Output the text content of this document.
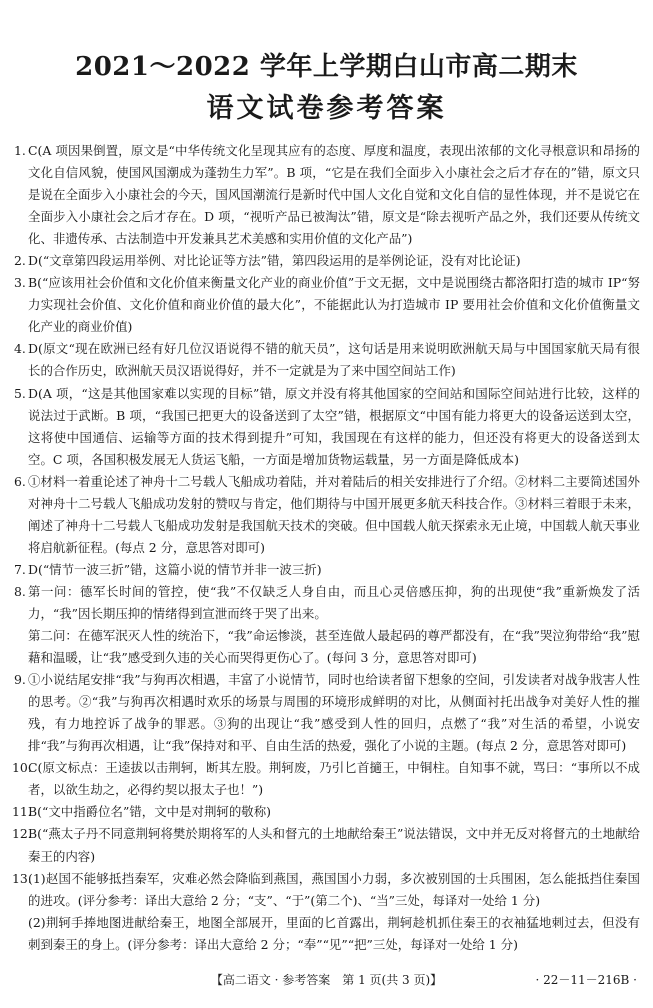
2021～2022 学年上学期白山市高二期末
语文试卷参考答案
1. C(A 项因果倒置，原文是“中华传统文化呈现其应有的态度、厚度和温度，表现出浓郁的文化寻根意识和昂扬的文化自信风貌，使国风国潮成为蓬勃生力军”。B 项，“它是在我们全面步入小康社会之后才存在的”错，原文只是说在全面步入小康社会的今天，国风国潮流行是新时代中国人文化自觉和文化自信的显性体现，并不是说它在全面步入小康社会之后才存在。D 项，“视听产品已被淘汰”错，原文是“除去视听产品之外，我们还要从传统文化、非遗传承、古法制造中开发兼具艺术美感和实用价值的文化产品”)

2. D(“文章第四段运用举例、对比论证等方法”错，第四段运用的是举例论证，没有对比论证)

3. B(“应该用社会价值和文化价值来衡量文化产业的商业价值”于文无据，文中是说围绕古都洛阳打造的城市 IP“努力实现社会价值、文化价值和商业价值的最大化”，不能据此认为打造城市 IP 要用社会价值和文化价值衡量文化产业的商业价值)

4. D(原文“现在欧洲已经有好几位汉语说得不错的航天员”，这句话是用来说明欧洲航天局与中国国家航天局有很长的合作历史，欧洲航天员汉语说得好，并不一定就是为了来中国空间站工作)

5. D(A 项，“这是其他国家难以实现的目标”错，原文并没有将其他国家的空间站和国际空间站进行比较，这样的说法过于武断。B 项，“我国已把更大的设备送到了太空”错，根据原文“中国有能力将更大的设备运送到太空，这将使中国通信、运输等方面的技术得到提升”可知，我国现在有这样的能力，但还没有将更大的设备送到太空。C 项，各国积极发展无人货运飞船，一方面是增加货物运载量，另一方面是降低成本)

6. ①材料一着重论述了神舟十二号载人飞船成功着陆，并对着陆后的相关安排进行了介绍。②材料二主要简述国外对神舟十二号载人飞船成功发射的赞叹与肯定，他们期待与中国开展更多航天科技合作。③材料三着眼于未来，阐述了神舟十二号载人飞船成功发射是我国航天技术的突破。但中国载人航天探索永无止境，中国载人航天事业将启航新征程。(每点 2 分，意思答对即可)

7. D(“情节一波三折”错，这篇小说的情节并非一波三折)

8. 第一问：德军长时间的管控，使“我”不仅缺乏人身自由，而且心灵倍感压抑，狗的出现使“我”重新焕发了活力，“我”因长期压抑的情绪得到宣泄而终于哭了出来。

第二问：在德军泯灭人性的统治下，“我”命运惨淡，甚至连做人最起码的尊严都没有，在“我”哭泣狗带给“我”慰藉和温暖，让“我”感受到久违的关心而哭得更伤心了。(每问 3 分，意思答对即可)

9. ①小说结尾安排“我”与狗再次相遇，丰富了小说情节，同时也给读者留下想象的空间，引发读者对战争戕害人性的思考。②“我”与狗再次相遇时欢乐的场景与周围的环境形成鲜明的对比，从侧面衬托出战争对美好人性的摧残，有力地控诉了战争的罪恶。③狗的出现让“我”感受到人性的回归，点燃了“我”对生活的希望，小说安排“我”与狗再次相遇，让“我”保持对和平、自由生活的热爱，强化了小说的主题。(每点 2 分，意思答对即可)

10.

C(原文标点：王逵拔以击荆轲，断其左股。荆轲废，乃引匕首擿王，中铜柱。自知事不就，骂曰：“事所以不成者，以欲生劫之，必得约契以报太子也！”)

11.

B(“文中指爵位名”错，文中是对荆轲的敬称)

12.

B(“燕太子丹不同意荆轲将樊於期将军的人头和督亢的土地献给秦王”说法错误，文中并无反对将督亢的土地献给秦王的内容)

13.

(1)赵国不能够抵挡秦军，灾难必然会降临到燕国，燕国国小力弱，多次被别国的士兵围困，怎么能抵挡住秦国的进攻。(评分参考：译出大意给 2 分；“支”、“于”(第二个)、“当”三处，每译对一处给 1 分)

(2)荆轲手捧地图进献给秦王，地图全部展开，里面的匕首露出，荆轲趁机抓住秦王的衣袖猛地刺过去，但没有刺到秦王的身上。(评分参考：译出大意给 2 分；“奉”“见”“把”三处，每译对一处给 1 分)

【高二语文 · 参考答案　第 1 页(共 3 页)】	· 22－11－216B ·
